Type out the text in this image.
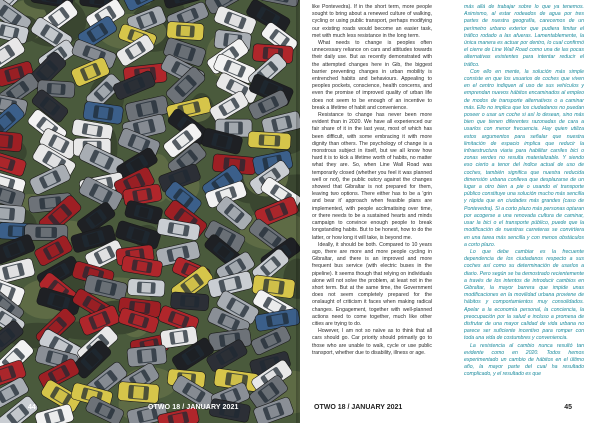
44	OTWO 18 / JANUARY 2021

like Pontevedra). If in the short term, more people sought to bring about a renewed culture of walking, cycling or using public transport, perhaps modifying our existing roads would become an easier task, met with much less resistance in the long term.

What needs to change is peoples often unnecessary reliance on cars and attitudes towards their daily use. But as recently demonstrated with the attempted changes here in Gib, the biggest barrier preventing changes in urban mobility is entrenched habits and behaviours. Appealing to peoples pockets, conscience, health concerns, and even the promise of improved quality of urban life does not seem to be enough of an incentive to break a lifetime of habit and convenience.

Resistance to change has never been more evident than in 2020. We have all experienced our fair share of it in the last year, most of which has been difficult, with some embracing it with more dignity than others. The psychology of change is a monstrous subject in itself, but we all know how hard it is to kick a lifetime worth of habits, no matter what they are. So, when Line Wall Road was temporarily closed (whether you feel it was planned well or not), the public outcry against the changes showed that Gibraltar is not prepared for them, leaving two options. There either has to be a 'grin and bear it' approach when feasible plans are implemented, with people acclimatising over time, or there needs to be a sustained hearts and minds campaign to convince enough people to break longstanding habits. But to be honest, how to do the latter, or how long it will take, is beyond me.

Ideally, it should be both. Compared to 10 years ago, there are more and more people cycling in Gibraltar, and there is an improved and more frequent bus service (with electric buses in the pipeline). It seems though that relying on individuals alone will not solve the problem, at least not in the short term. But at the same time, the Government does not seem completely prepared for the onslaught of criticism it faces when making radical changes. Engagement, together with well-planned actions need to come together, much like other cities are trying to do.

However, I am not so naïve as to think that all cars should go. Car priority should primarily go to those who are unable to walk, cycle or use public transport, whether due to disability, illness or age.

más allá de trabajar sobre lo que ya tenemos. Asimismo, al estar rodeados de agua por tres partes de nuestra geografía, carecemos de un perímetro urbano exterior que pudiera limitar el tráfico rodado a las afueras. Lamentablemente, la única manera es actuar por dentro, lo cual confirmó el cierre de Line Wall Road como una de las pocas alternativas existentes para intentar reducir el tráfico.

Con ello en mente, la solución más simple consiste en que los usuarios de coches que viven en el centro indiquen al uso de sus vehículos y emprendan nuevos hábitos encaminados al empleo de modos de transporte alternativos o a caminar más. Ello no implica que los ciudadanos no puedan poseer o usar un coche si así lo desean, sino más bien que tienen diferentes razonadas de cara a usarlos con menor frecuencia. Hay quien utiliza estos argumentos para señalar que nuestra limitación de espacio implica que reducir la infraestructura viaria para habilitar carriles bici o zonas verdes no resulta materializable. Y siendo eso cierto a tenor del índice actual de uso de coches, también significa que nuestra reducida dimensión urbana conlleva que desplazarse de un lugar a otro bien a pie o usando el transporte público constituye una solución mucho más sencilla y rápida que en ciudades más grandes (caso de Pontevedra). Si a corto plazo más personas optaran por acogerse a una renovada cultura de caminar, usar la bici o el transporte público, puede que la modificación de nuestras carreteras se convirtiera en una tarea más sencilla y con menos obstáculos a corto plazo.

Lo que debe cambiar es la frecuente dependencia de los ciudadanos respecto a sus coches así como su determinación de usarlos a diario. Pero según se ha demostrado recientemente a través de los intentos de introducir cambios en Gibraltar, la mayor barrera que impide unas modificaciones en la movilidad urbana proviene de hábitos y comportamientos muy consolidados. Apelar a la economía personal, la conciencia, la preocupación por la salud e incluso a promesa de disfrutar de una mayor calidad de vida urbana no parece ser suficiente incentivo para romper con toda una vida de costumbres y conveniencia.

La resistencia al cambio nunca resultó tan evidente como en 2020. Todos hemos experimentado un cambio de hábitos en el último año, la mayor parte del cual ha resultado complicado, y el resultado es que

OTWO 18 / JANUARY 2021	45
